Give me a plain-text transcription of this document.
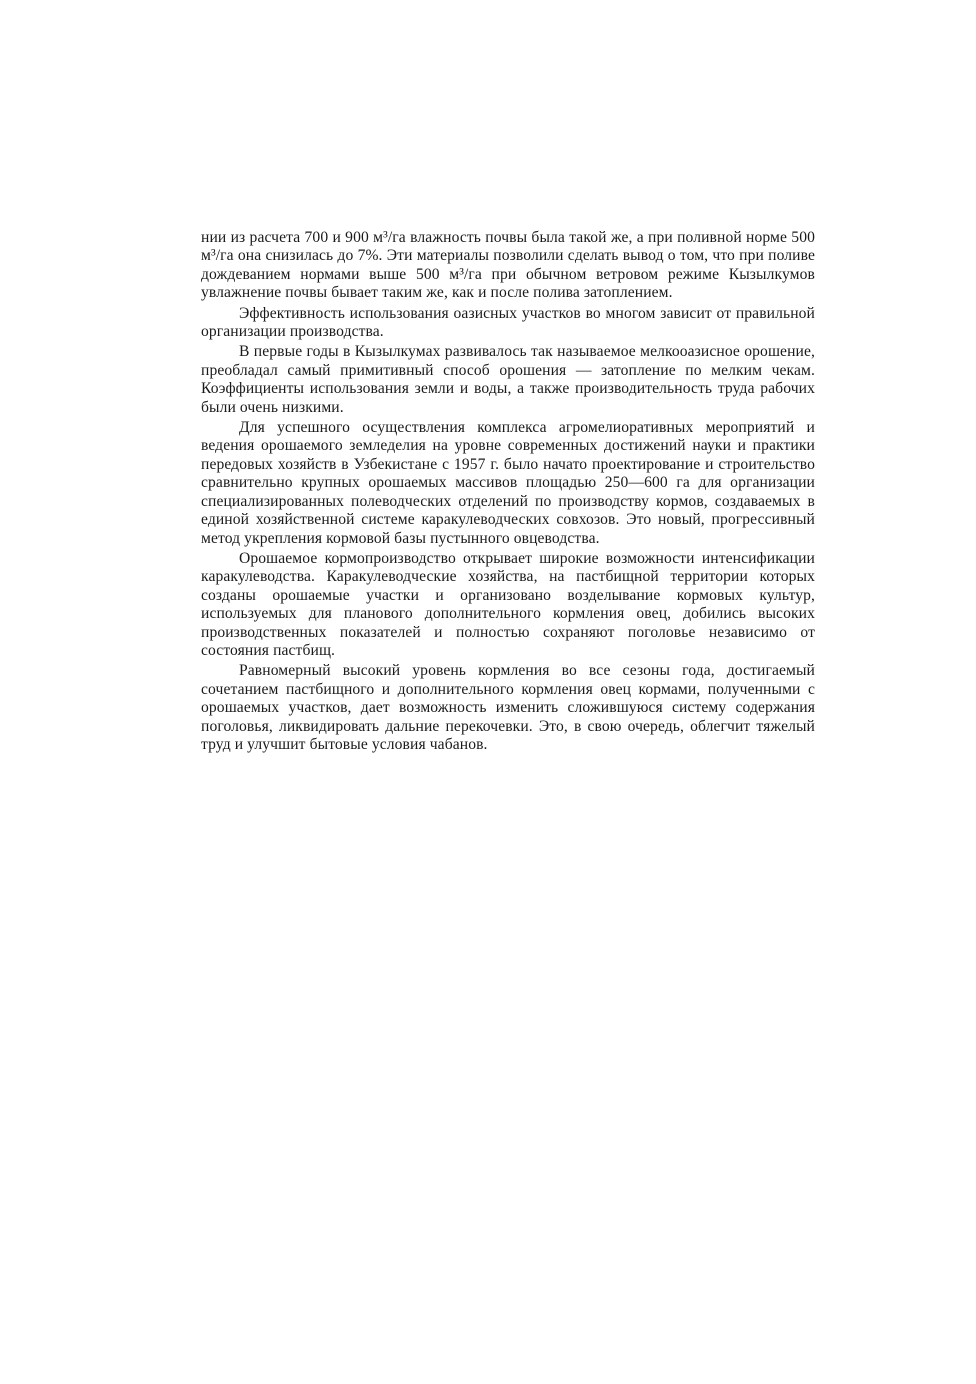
нии из расчета 700 и 900 м³/га влажность почвы была такой же, а при поливной норме 500 м³/га она снизилась до 7%. Эти материалы позволили сделать вывод о том, что при поливе дождеванием нормами выше 500 м³/га при обычном ветровом режиме Кызылкумов увлажнение почвы бывает таким же, как и после полива затоплением.

Эффективность использования оазисных участков во многом зависит от правильной организации производства.

В первые годы в Кызылкумах развивалось так называемое мелкооазисное орошение, преобладал самый примитивный способ орошения — затопление по мелким чекам. Коэффициенты использования земли и воды, а также производительность труда рабочих были очень низкими.

Для успешного осуществления комплекса агромелиоративных мероприятий и ведения орошаемого земледелия на уровне современных достижений науки и практики передовых хозяйств в Узбекистане с 1957 г. было начато проектирование и строительство сравнительно крупных орошаемых массивов площадью 250—600 га для организации специализированных полеводческих отделений по производству кормов, создаваемых в единой хозяйственной системе каракулеводческих совхозов. Это новый, прогрессивный метод укрепления кормовой базы пустынного овцеводства.

Орошаемое кормопроизводство открывает широкие возможности интенсификации каракулеводства. Каракулеводческие хозяйства, на пастбищной территории которых созданы орошаемые участки и организовано возделывание кормовых культур, используемых для планового дополнительного кормления овец, добились высоких производственных показателей и полностью сохраняют поголовье независимо от состояния пастбищ.

Равномерный высокий уровень кормления во все сезоны года, достигаемый сочетанием пастбищного и дополнительного кормления овец кормами, полученными с орошаемых участков, дает возможность изменить сложившуюся систему содержания поголовья, ликвидировать дальние перекочевки. Это, в свою очередь, облегчит тяжелый труд и улучшит бытовые условия чабанов.
